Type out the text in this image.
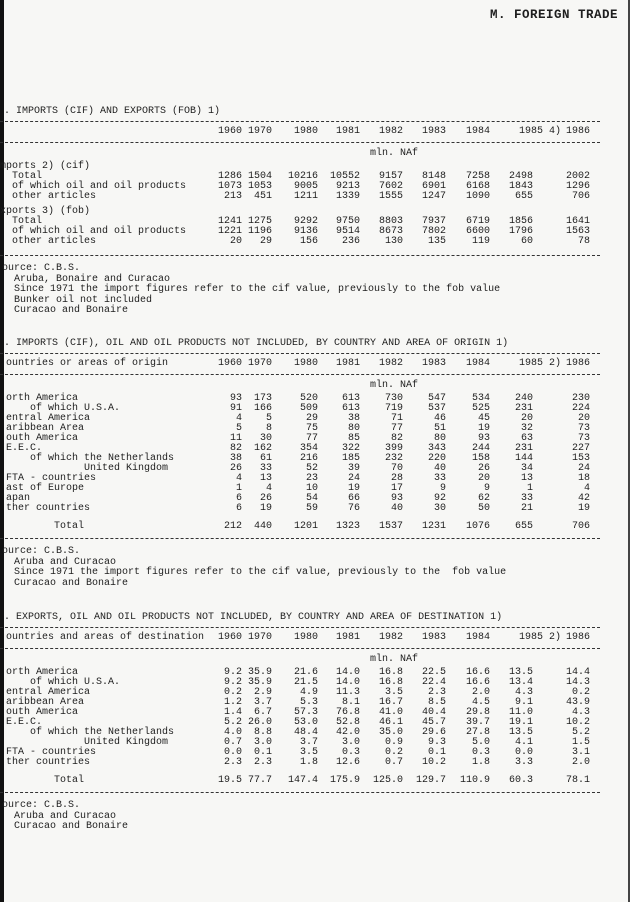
M. FOREIGN TRADE
. IMPORTS (CIF) AND EXPORTS (FOB) 1)
1960 1970	1980	1981	1982	1983	1984	1985 4) 1986
mln. NAf
mports 2) (cif)
Total	1286 1504	10216	10552	9157	8148	7258	2498	2002
of which oil and oil products	1073 1053	9005	9213	7602	6901	6168	1843	1296
other articles	213	451	1211	1339	1555	1247	1090	655	706
xports 3) (fob)
Total	1241 1275	9292	9750	8803	7937	6719	1856	1641
of which oil and oil products	1221 1196	9136	9514	8673	7802	6600	1796	1563
other articles	20	29	156	236	130	135	119	60	78
ource: C.B.S.
Aruba, Bonaire and Curacao
Since 1971 the import figures refer to the cif value, previously to the fob value
Bunker oil not included
Curacao and Bonaire
. IMPORTS (CIF), OIL AND OIL PRODUCTS NOT INCLUDED, BY COUNTRY AND AREA OF ORIGIN 1)
ountries or areas of origin	1960 1970	1980	1981	1982	1983	1984	1985 2) 1986
mln. NAf
orth America	93	173	520	613	730	547	534	240	230
of which U.S.A.	91	166	509	613	719	537	525	231	224
entral America	4	5	29	38	71	46	45	20	20
aribbean Area	5	8	75	80	77	51	19	32	73
outh America	11	30	77	85	82	80	93	63	73
E.E.C.	82	162	354	322	399	343	244	231	227
of which the Netherlands	38	61	216	185	232	220	158	144	153
United Kingdom	26	33	52	39	70	40	26	34	24
FTA - countries	4	13	23	24	28	33	20	13	18
ast of Europe	1	4	10	19	17	9	9	1	4
apan	6	26	54	66	93	92	62	33	42
ther countries	6	19	59	76	40	30	50	21	19
Total	212	440	1201	1323	1537	1231	1076	655	706
ource: C.B.S.
Aruba and Curacao
Since 1971 the import figures refer to the cif value, previously to the  fob value
Curacao and Bonaire
. EXPORTS, OIL AND OIL PRODUCTS NOT INCLUDED, BY COUNTRY AND AREA OF DESTINATION 1)
ountries and areas of destination	1960 1970	1980	1981	1982	1983	1984	1985 2) 1986
mln. NAf
orth America	9.2 35.9	21.6	14.0	16.8	22.5	16.6	13.5	14.4
of which U.S.A.	9.2 35.9	21.5	14.0	16.8	22.4	16.6	13.4	14.3
entral America	0.2	2.9	4.9	11.3	3.5	2.3	2.0	4.3	0.2
aribbean Area	1.2	3.7	5.3	8.1	16.7	8.5	4.5	9.1	43.9
outh America	1.4	6.7	57.3	76.8	41.0	40.4	29.8	11.0	4.3
E.E.C.	5.2 26.0	53.0	52.8	46.1	45.7	39.7	19.1	10.2
of which the Netherlands	4.0	8.8	48.4	42.0	35.0	29.6	27.8	13.5	5.2
United Kingdom	0.7	3.0	3.7	3.0	0.9	9.3	5.0	4.1	1.5
FTA - countries	0.0	0.1	3.5	0.3	0.2	0.1	0.3	0.0	3.1
ther countries	2.3	2.3	1.8	12.6	0.7	10.2	1.8	3.3	2.0
Total	19.5 77.7	147.4	175.9	125.0	129.7	110.9	60.3	78.1
ource: C.B.S.
Aruba and Curacao
Curacao and Bonaire
